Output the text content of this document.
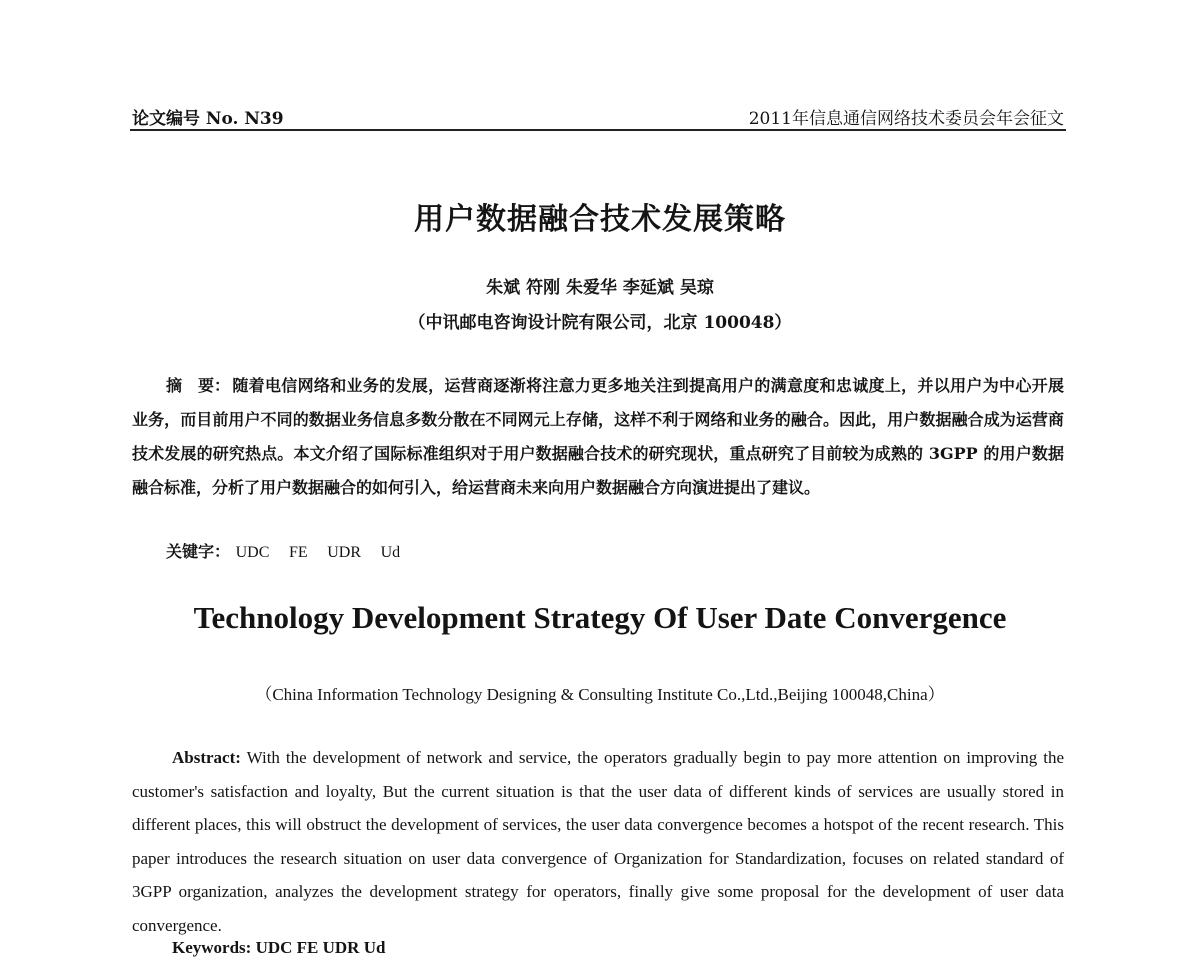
论文编号 No. N39	2011年信息通信网络技术委员会年会征文
用户数据融合技术发展策略
朱斌 符刚 朱爱华 李延斌 吴琼
（中讯邮电咨询设计院有限公司，北京 100048）
摘　要： 随着电信网络和业务的发展，运营商逐渐将注意力更多地关注到提高用户的满意度和忠诚度上，并以用户为中心开展业务，而目前用户不同的数据业务信息多数分散在不同网元上存储，这样不利于网络和业务的融合。因此，用户数据融合成为运营商技术发展的研究热点。本文介绍了国际标准组织对于用户数据融合技术的研究现状，重点研究了目前较为成熟的 3GPP 的用户数据融合标准，分析了用户数据融合的如何引入，给运营商未来向用户数据融合方向演进提出了建议。
关键字： UDC FE UDR Ud
Technology Development Strategy Of User Date Convergence
（China Information Technology Designing & Consulting Institute Co.,Ltd.,Beijing 100048,China）
Abstract: With the development of network and service, the operators gradually begin to pay more attention on improving the customer's satisfaction and loyalty, But the current situation is that the user data of different kinds of services are usually stored in different places, this will obstruct the development of services, the user data convergence becomes a hotspot of the recent research. This paper introduces the research situation on user data convergence of Organization for Standardization, focuses on related standard of 3GPP organization, analyzes the development strategy for operators, finally give some proposal for the development of user data convergence.
Keywords: UDC FE UDR Ud
